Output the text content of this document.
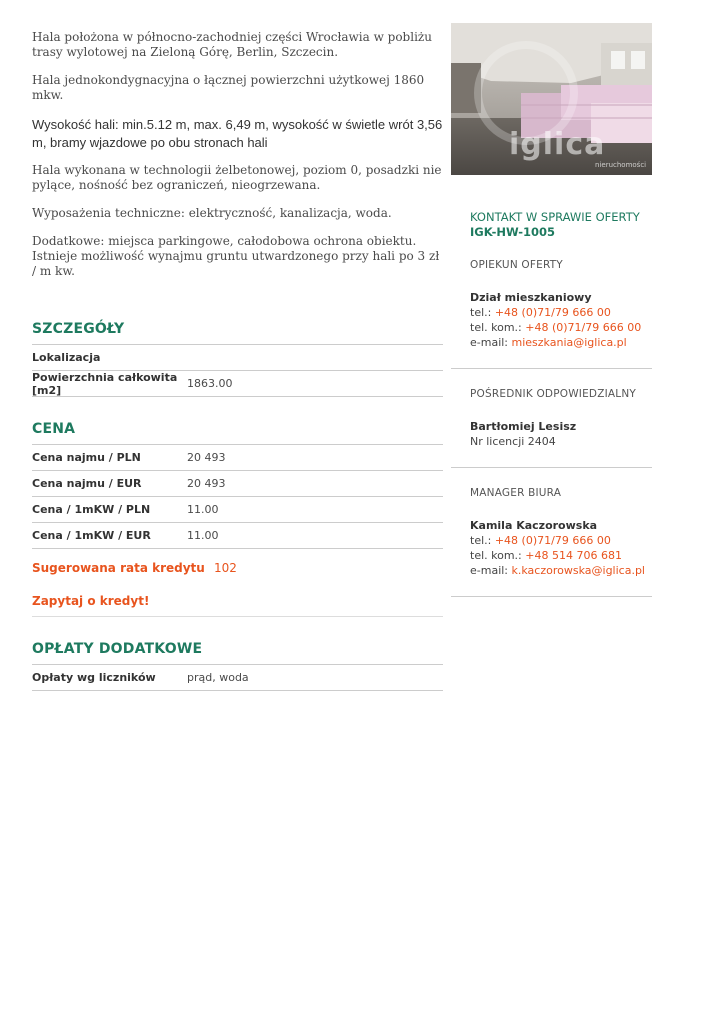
Hala położona w północno-zachodniej części Wrocławia w pobliżu trasy wylotowej na Zieloną Górę, Berlin, Szczecin.

Hala jednokondygnacyjna o łącznej powierzchni użytkowej 1860 mkw.

Wysokość hali: min.5.12 m, max. 6,49 m, wysokość w świetle wrót 3,56 m, bramy wjazdowe po obu stronach hali

Hala wykonana w technologii żelbetonowej, poziom 0, posadzki nie pylące, nośność bez ograniczeń, nieogrzewana.

Wyposażenia techniczne: elektryczność, kanalizacja, woda.

Dodatkowe: miejsca parkingowe, całodobowa ochrona obiektu. Istnieje możliwość wynajmu gruntu utwardzonego przy hali po 3 zł / m kw.

SZCZEGÓŁY
Lokalizacja
Powierzchnia całkowita [m2]	1863.00
CENA
Cena najmu / PLN	20 493
Cena najmu / EUR	20 493
Cena / 1mKW / PLN	11.00
Cena / 1mKW / EUR	11.00
Sugerowana rata kredytu 102
Zapytaj o kredyt!
OPŁATY DODATKOWE
Opłaty wg liczników	prąd, woda
iglica
nieruchomości
KONTAKT W SPRAWIE OFERTY
IGK-HW-1005
OPIEKUN OFERTY
Dział mieszkaniowy
tel.: +48 (0)71/79 666 00
tel. kom.: +48 (0)71/79 666 00
e-mail: mieszkania@iglica.pl
POŚREDNIK ODPOWIEDZIALNY
Bartłomiej Lesisz
Nr licencji 2404
MANAGER BIURA
Kamila Kaczorowska
tel.: +48 (0)71/79 666 00
tel. kom.: +48 514 706 681
e-mail: k.kaczorowska@iglica.pl
